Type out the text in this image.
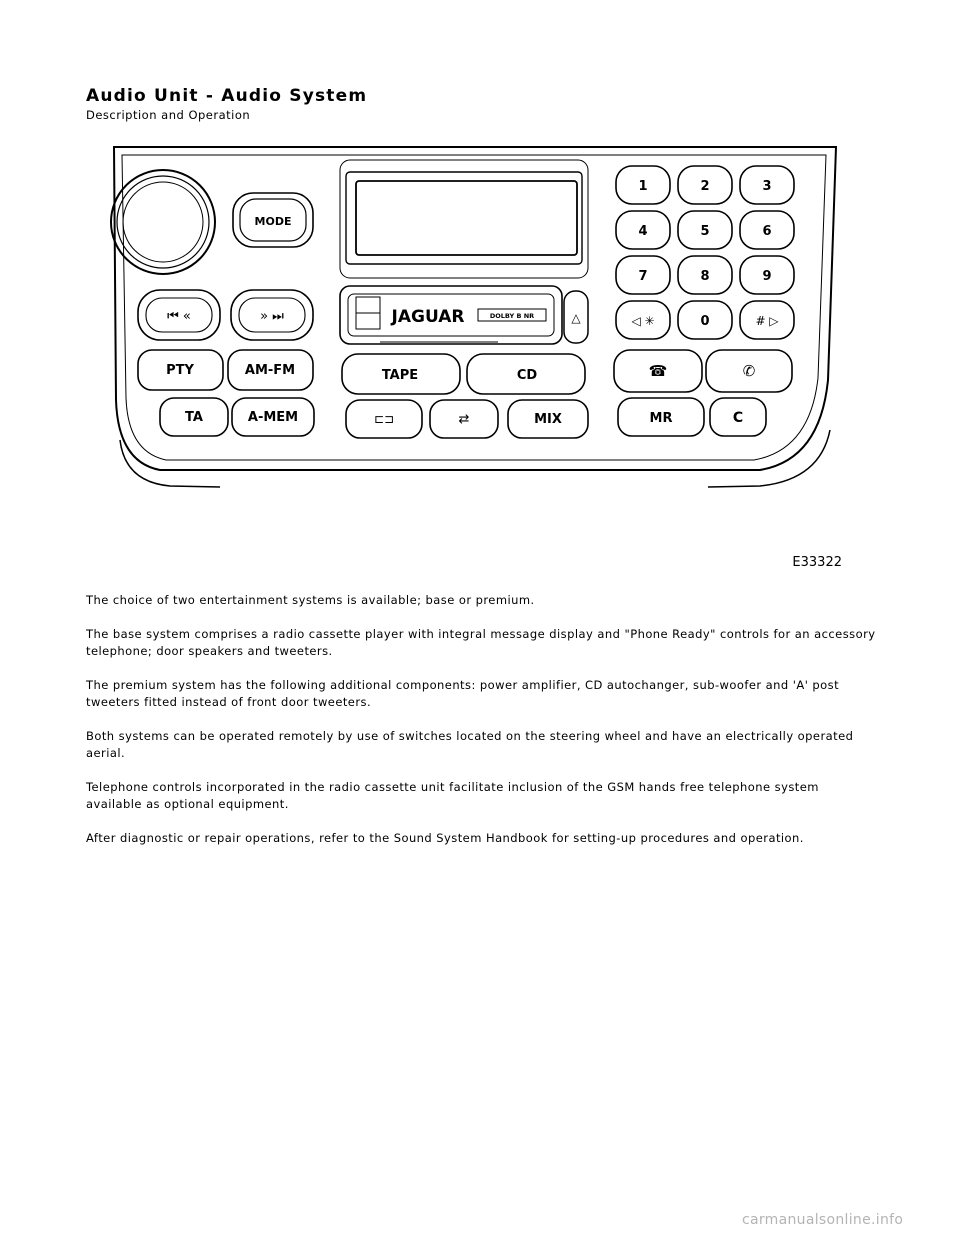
Audio Unit - Audio System
Description and Operation
MODE
⏮ «	» ⏭
PTY	AM-FM
TA	A-MEM
JAGUAR	DOLBY B NR	△
TAPE	CD
⊏⊐	⇄	MIX
1	2	3
4	5	6
7	8	9
◁ ✳	0	# ▷
☎	✆
MR	C
E33322

The choice of two entertainment systems is available; base or premium.

The base system comprises a radio cassette player with integral message display and "Phone Ready" controls for an accessory telephone; door speakers and tweeters.

The premium system has the following additional components: power amplifier, CD autochanger, sub-woofer and 'A' post tweeters fitted instead of front door tweeters.

Both systems can be operated remotely by use of switches located on the steering wheel and have an electrically operated aerial.

Telephone controls incorporated in the radio cassette unit facilitate inclusion of the GSM hands free telephone system available as optional equipment.

After diagnostic or repair operations, refer to the Sound System Handbook for setting-up procedures and operation.

carmanualsonline.info
